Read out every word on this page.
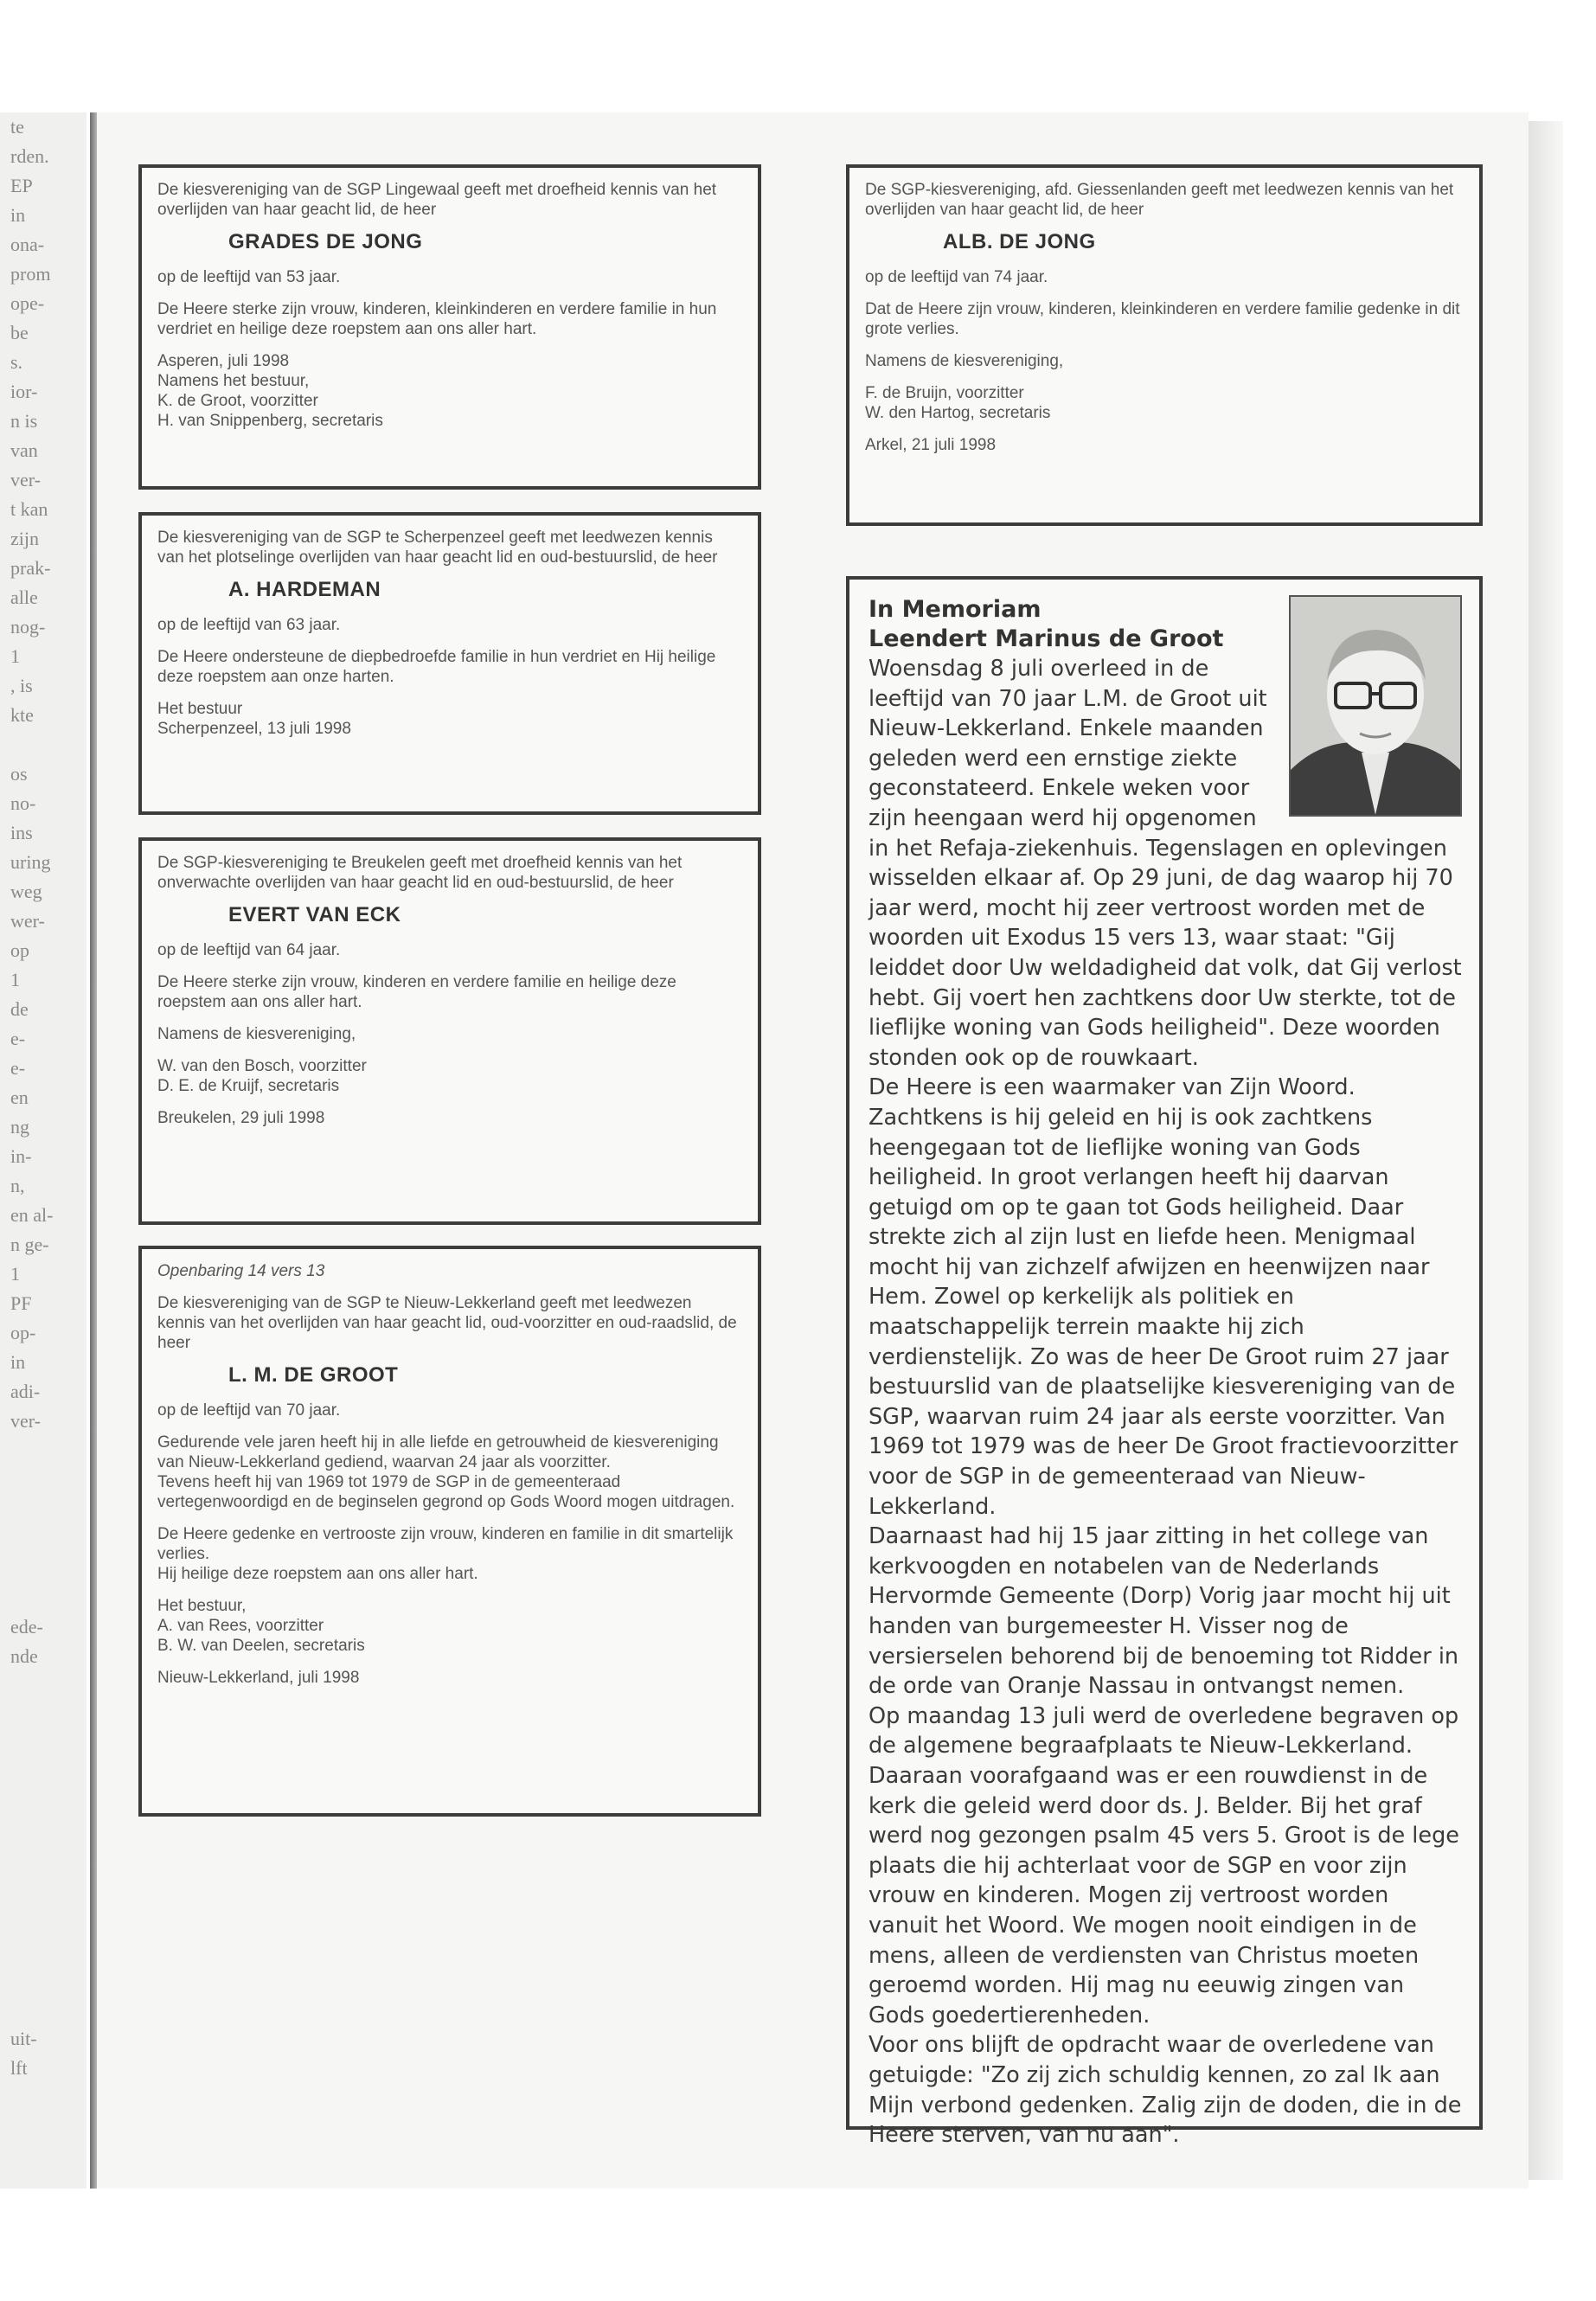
te
rden.
EP
in
ona-
prom
ope-
be
s.
ior-
n is
van
ver-
t kan
zijn
prak-
alle
nog-
1
, is
kte
os
no-
ins
uring
weg
wer-
op
1
de
e-
e-
en
ng
in-
n,
en al-
n ge-
1
PF
op-
in
adi-
ver-
ede-
nde
uit-
lft

De kiesvereniging van de SGP Lingewaal geeft met droefheid kennis van het overlijden van haar geacht lid, de heer

GRADES DE JONG

op de leeftijd van 53 jaar.

De Heere sterke zijn vrouw, kinderen, kleinkinderen en verdere familie in hun verdriet en heilige deze roepstem aan ons aller hart.

Asperen, juli 1998
Namens het bestuur,
K. de Groot, voorzitter
H. van Snippenberg, secretaris

De kiesvereniging van de SGP te Scherpenzeel geeft met leedwezen kennis van het plotselinge overlijden van haar geacht lid en oud-bestuurslid, de heer

A. HARDEMAN

op de leeftijd van 63 jaar.

De Heere ondersteune de diepbedroefde familie in hun verdriet en Hij heilige deze roepstem aan onze harten.

Het bestuur
Scherpenzeel, 13 juli 1998

De SGP-kiesvereniging te Breukelen geeft met droefheid kennis van het onverwachte overlijden van haar geacht lid en oud-bestuurslid, de heer

EVERT VAN ECK

op de leeftijd van 64 jaar.

De Heere sterke zijn vrouw, kinderen en verdere familie en heilige deze roepstem aan ons aller hart.

Namens de kiesvereniging,

W. van den Bosch, voorzitter
D. E. de Kruijf, secretaris
Breukelen, 29 juli 1998

Openbaring 14 vers 13

De kiesvereniging van de SGP te Nieuw-Lekkerland geeft met leedwezen kennis van het overlijden van haar geacht lid, oud-voorzitter en oud-raadslid, de heer

L. M. DE GROOT

op de leeftijd van 70 jaar.

Gedurende vele jaren heeft hij in alle liefde en getrouwheid de kiesvereniging van Nieuw-Lekkerland gediend, waarvan 24 jaar als voorzitter.

Tevens heeft hij van 1969 tot 1979 de SGP in de gemeenteraad vertegenwoordigd en de beginselen gegrond op Gods Woord mogen uitdragen.

De Heere gedenke en vertrooste zijn vrouw, kinderen en familie in dit smartelijk verlies.

Hij heilige deze roepstem aan ons aller hart.

Het bestuur,
A. van Rees, voorzitter
B. W. van Deelen, secretaris
Nieuw-Lekkerland, juli 1998

De SGP-kiesvereniging, afd. Giessenlanden geeft met leedwezen kennis van het overlijden van haar geacht lid, de heer

ALB. DE JONG

op de leeftijd van 74 jaar.

Dat de Heere zijn vrouw, kinderen, kleinkinderen en verdere familie gedenke in dit grote verlies.

Namens de kiesvereniging,

F. de Bruijn, voorzitter
W. den Hartog, secretaris
Arkel, 21 juli 1998
In Memoriam
Leendert Marinus de Groot
Woensdag 8 juli overleed in de leeftijd van 70 jaar L.M. de Groot uit Nieuw-Lekkerland. Enkele maanden geleden werd een ernstige ziekte geconstateerd. Enkele weken voor zijn heengaan werd hij opgenomen in het Refaja-ziekenhuis. Tegenslagen en oplevingen wisselden elkaar af. Op 29 juni, de dag waarop hij 70 jaar werd, mocht hij zeer vertroost worden met de woorden uit Exodus 15 vers 13, waar staat: "Gij leiddet door Uw weldadigheid dat volk, dat Gij verlost hebt. Gij voert hen zachtkens door Uw sterkte, tot de lieflijke woning van Gods heiligheid". Deze woorden stonden ook op de rouwkaart.
De Heere is een waarmaker van Zijn Woord. Zachtkens is hij geleid en hij is ook zachtkens heengegaan tot de lieflijke woning van Gods heiligheid. In groot verlangen heeft hij daarvan getuigd om op te gaan tot Gods heiligheid. Daar strekte zich al zijn lust en liefde heen. Menigmaal mocht hij van zichzelf afwijzen en heenwijzen naar Hem. Zowel op kerkelijk als politiek en maatschappelijk terrein maakte hij zich verdienstelijk. Zo was de heer De Groot ruim 27 jaar bestuurslid van de plaatselijke kiesvereniging van de SGP, waarvan ruim 24 jaar als eerste voorzitter. Van 1969 tot 1979 was de heer De Groot fractievoorzitter voor de SGP in de gemeenteraad van Nieuw-Lekkerland.
Daarnaast had hij 15 jaar zitting in het college van kerkvoogden en notabelen van de Nederlands Hervormde Gemeente (Dorp) Vorig jaar mocht hij uit handen van burgemeester H. Visser nog de versierselen behorend bij de benoeming tot Ridder in de orde van Oranje Nassau in ontvangst nemen.
Op maandag 13 juli werd de overledene begraven op de algemene begraafplaats te Nieuw-Lekkerland. Daaraan voorafgaand was er een rouwdienst in de kerk die geleid werd door ds. J. Belder. Bij het graf werd nog gezongen psalm 45 vers 5. Groot is de lege plaats die hij achterlaat voor de SGP en voor zijn vrouw en kinderen. Mogen zij vertroost worden vanuit het Woord. We mogen nooit eindigen in de mens, alleen de verdiensten van Christus moeten geroemd worden. Hij mag nu eeuwig zingen van Gods goedertierenheden.
Voor ons blijft de opdracht waar de overledene van getuigde: "Zo zij zich schuldig kennen, zo zal Ik aan Mijn verbond gedenken. Zalig zijn de doden, die in de Heere sterven, van nu aan".
